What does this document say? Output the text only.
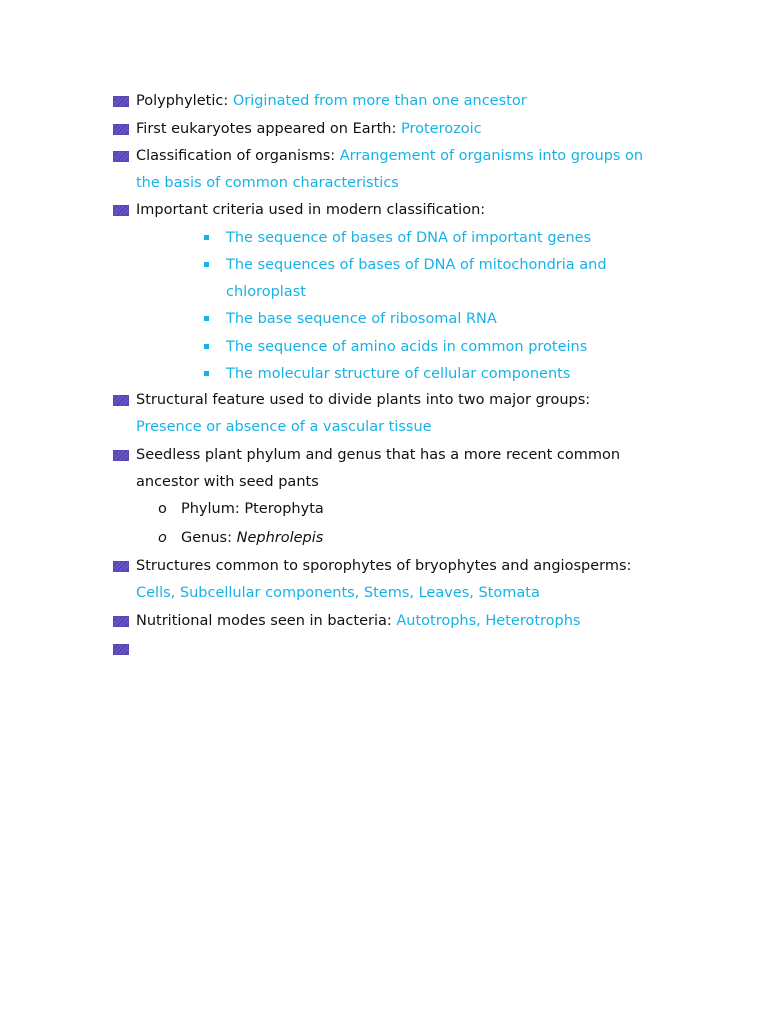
Polyphyletic: Originated from more than one ancestor
First eukaryotes appeared on Earth: Proterozoic
Classification of organisms: Arrangement of organisms into groups on
the basis of common characteristics
Important criteria used in modern classification:
The sequence of bases of DNA of important genes
The sequences of bases of DNA of mitochondria and
chloroplast
The base sequence of ribosomal RNA
The sequence of amino acids in common proteins
The molecular structure of cellular components
Structural feature used to divide plants into two major groups:
Presence or absence of a vascular tissue
Seedless plant phylum and genus that has a more recent common
ancestor with seed pants
o Phylum: Pterophyta
o Genus: Nephrolepis
Structures common to sporophytes of bryophytes and angiosperms:
Cells, Subcellular components, Stems, Leaves, Stomata
Nutritional modes seen in bacteria: Autotrophs, Heterotrophs
